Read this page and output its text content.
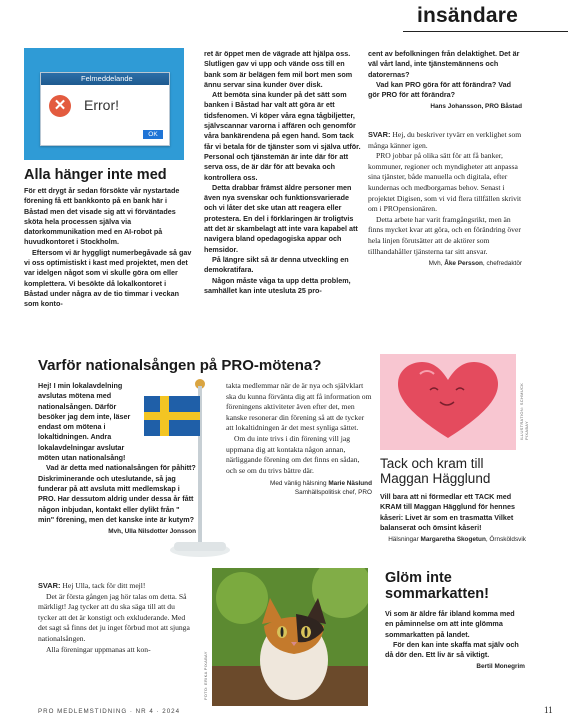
insändare
Felmeddelande
✕	Error!
OK
Alla hänger inte med

För ett drygt år sedan försökte vår nystartade förening få ett bankkonto på en bank här i Båstad men det visade sig att vi förväntades sköta hela processen själva via datorkommunikation med en AI-robot på huvudkontoret i Stockholm.

Eftersom vi är hyggligt numerbegåvade så gav vi oss optimistiskt i kast med projektet, men det var idelgen något som vi skulle göra om eller komplettera. Vi besökte då lokalkontoret i Båstad under några av de tio timmar i veckan som konto-

ret är öppet men de vägrade att hjälpa oss. Slutligen gav vi upp och vände oss till en bank som är belägen fem mil bort men som ännu servar sina kunder över disk.

Att bemöta sina kunder på det sätt som banken i Båstad har valt att göra är ett tidsfenomen. Vi köper våra egna tågbiljetter, självscannar varorna i affären och genomför våra bankärendena på egen hand. Som tack får vi betala för de tjänster som vi själva utför. Personal och tjänstemän är inte där för att serva oss, de är där för att bevaka och kontrollera oss.

Detta drabbar främst äldre personer men även nya svenskar och funktionsvarierade och vi låter det ske utan att reagera eller protestera. En del i förklaringen är troligtvis att det är skambelagt att inte vara kapabel att navigera bland opedagogiska appar och hemsidor.

På längre sikt så är denna utveckling en demokratifara.

Någon måste våga ta upp detta problem, samhället kan inte utesluta 25 pro-

cent av befolkningen från delaktighet. Det är väl vårt land, inte tjänstemännens och datorernas?

Vad kan PRO göra för att förändra? Vad gör PRO för att förändra?

Hans Johansson, PRO Båstad

SVAR: Hej, du beskriver tyvärr en verklighet som många känner igen.

PRO jobbar på olika sätt för att få banker, kommuner, regioner och myndigheter att anpassa sina tjänster, både manuella och digitala, efter kundernas och medborgarnas behov. Senast i projektet Digisen, som vi vid flera tillfällen skrivit om i PROpensionären.

Detta arbete har varit framgångsrikt, men än finns mycket kvar att göra, och en förändring över hela linjen förutsätter att de aktörer som tillhandahåller tjänsterna tar sitt ansvar.

Mvh, Åke Persson, chefredaktör

Varför nationalsången på PRO-mötena?

Hej! I min lokalavdelning avslutas mötena med nationalsången. Därför besöker jag dem inte, läser endast om mötena i lokaltidningen. Andra lokalavdelningar avslutar möten utan nationalsång!

Vad är detta med nationalsången för påhitt? Diskriminerande och uteslutande, så jag funderar på att avsluta mitt medlemskap i PRO. Har dessutom aldrig under dessa år fått någon inbjudan, kontakt eller dylikt från " min" förening, men det kanske inte är kutym?

Mvh, Ulla Nilsdotter Jonsson

takta medlemmar när de är nya och självklart ska du kunna förvänta dig att få information om föreningens aktiviteter även efter det, men kanske resonerar din förening så att de tycker att lokaltidningen är det mest synliga sättet.

Om du inte trivs i din förening vill jag uppmana dig att kontakta någon annan, närliggande förening om det finns en sådan, och se om du trivs bättre där.

Med vänlig hälsning Marie Näslund
Samhällspolitisk chef, PRO

SVAR: Hej Ulla, tack för ditt mejl!

Det är första gången jag hör talas om detta. Så märkligt! Jag tycker att du ska säga till att du tycker att det är konstigt och exkluderande. Med det sagt så finns det ju inget förbud mot att sjunga nationalsången.

Alla föreningar uppmanas att kon-

ILLUSTRATION: SCHMUCK PIXABAY
Tack och kram till
Maggan Hägglund

Vill bara att ni förmedlar ett TACK med KRAM till Maggan Hägglund för hennes kåseri: Livet är som en trasmatta Vilket balanserat och ömsint kåseri!

Hälsningar Margaretha Skogetun, Örnsköldsvik

FOTO: ERIKA PIXABAY
Glöm inte
sommarkatten!

Vi som är äldre får ibland komma med en påminnelse om att inte glömma sommarkatten på landet.

För den kan inte skaffa mat själv och då dör den. Ett liv är så viktigt.

Bertil Monegrim

PRO MEDLEMSTIDNING · NR 4 · 2024	11
